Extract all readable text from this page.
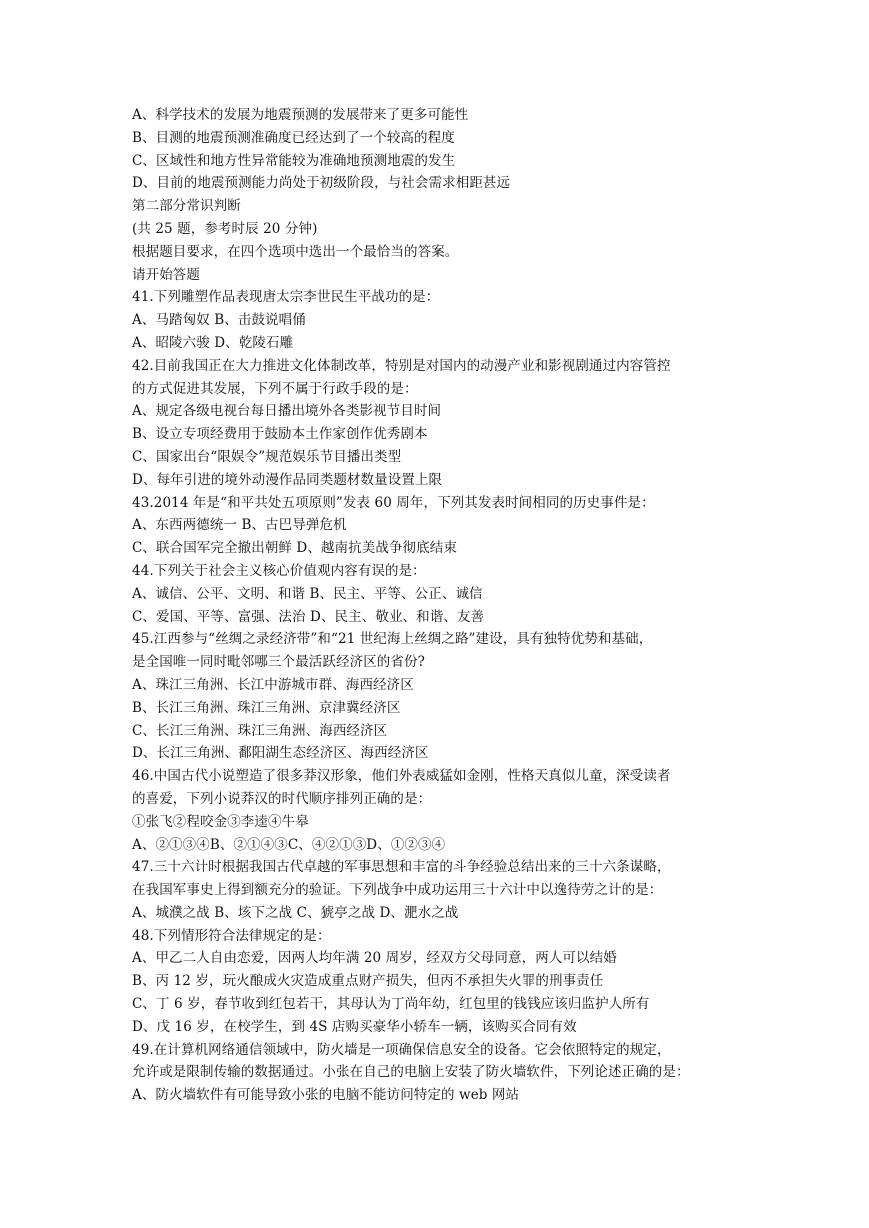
A、科学技术的发展为地震预测的发展带来了更多可能性
B、目测的地震预测准确度已经达到了一个较高的程度
C、区域性和地方性异常能较为准确地预测地震的发生
D、目前的地震预测能力尚处于初级阶段，与社会需求相距甚远
第二部分常识判断
(共 25 题，参考时辰 20 分钟)
根据题目要求，在四个选项中选出一个最恰当的答案。
请开始答题
41.下列雕塑作品表现唐太宗李世民生平战功的是：
A、马踏匈奴 B、击鼓说唱俑
A、昭陵六骏 D、乾陵石雕
42.目前我国正在大力推进文化体制改革，特别是对国内的动漫产业和影视剧通过内容管控
的方式促进其发展，下列不属于行政手段的是：
A、规定各级电视台每日播出境外各类影视节目时间
B、设立专项经费用于鼓励本土作家创作优秀剧本
C、国家出台“限娱令”规范娱乐节目播出类型
D、每年引进的境外动漫作品同类题材数量设置上限
43.2014 年是“和平共处五项原则”发表 60 周年，下列其发表时间相同的历史事件是：
A、东西两德统一 B、古巴导弹危机
C、联合国军完全撤出朝鲜 D、越南抗美战争彻底结束
44.下列关于社会主义核心价值观内容有误的是：
A、诚信、公平、文明、和谐 B、民主、平等、公正、诚信
C、爱国、平等、富强、法治 D、民主、敬业、和谐、友善
45.江西参与“丝绸之录经济带”和“21 世纪海上丝绸之路”建设，具有独特优势和基础，
是全国唯一同时毗邻哪三个最活跃经济区的省份?
A、珠江三角洲、长江中游城市群、海西经济区
B、长江三角洲、珠江三角洲、京津冀经济区
C、长江三角洲、珠江三角洲、海西经济区
D、长江三角洲、鄱阳湖生态经济区、海西经济区
46.中国古代小说塑造了很多莽汉形象，他们外表威猛如金刚，性格天真似儿童，深受读者
的喜爱，下列小说莽汉的时代顺序排列正确的是：
①张飞②程咬金③李逵④牛皋
A、②①③④B、②①④③C、④②①③D、①②③④
47.三十六计时根据我国古代卓越的军事思想和丰富的斗争经验总结出来的三十六条谋略，
在我国军事史上得到额充分的验证。下列战争中成功运用三十六计中以逸待劳之计的是：
A、城濮之战 B、垓下之战 C、猇亭之战 D、淝水之战
48.下列情形符合法律规定的是：
A、甲乙二人自由恋爱，因两人均年满 20 周岁，经双方父母同意，两人可以结婚
B、丙 12 岁，玩火酿成火灾造成重点财产损失，但丙不承担失火罪的刑事责任
C、丁 6 岁，春节收到红包若干，其母认为丁尚年幼，红包里的钱钱应该归监护人所有
D、戊 16 岁，在校学生，到 4S 店购买豪华小轿车一辆，该购买合同有效
49.在计算机网络通信领域中，防火墙是一项确保信息安全的设备。它会依照特定的规定，
允许或是限制传输的数据通过。小张在自己的电脑上安装了防火墙软件，下列论述正确的是：
A、防火墙软件有可能导致小张的电脑不能访问特定的 web 网站
